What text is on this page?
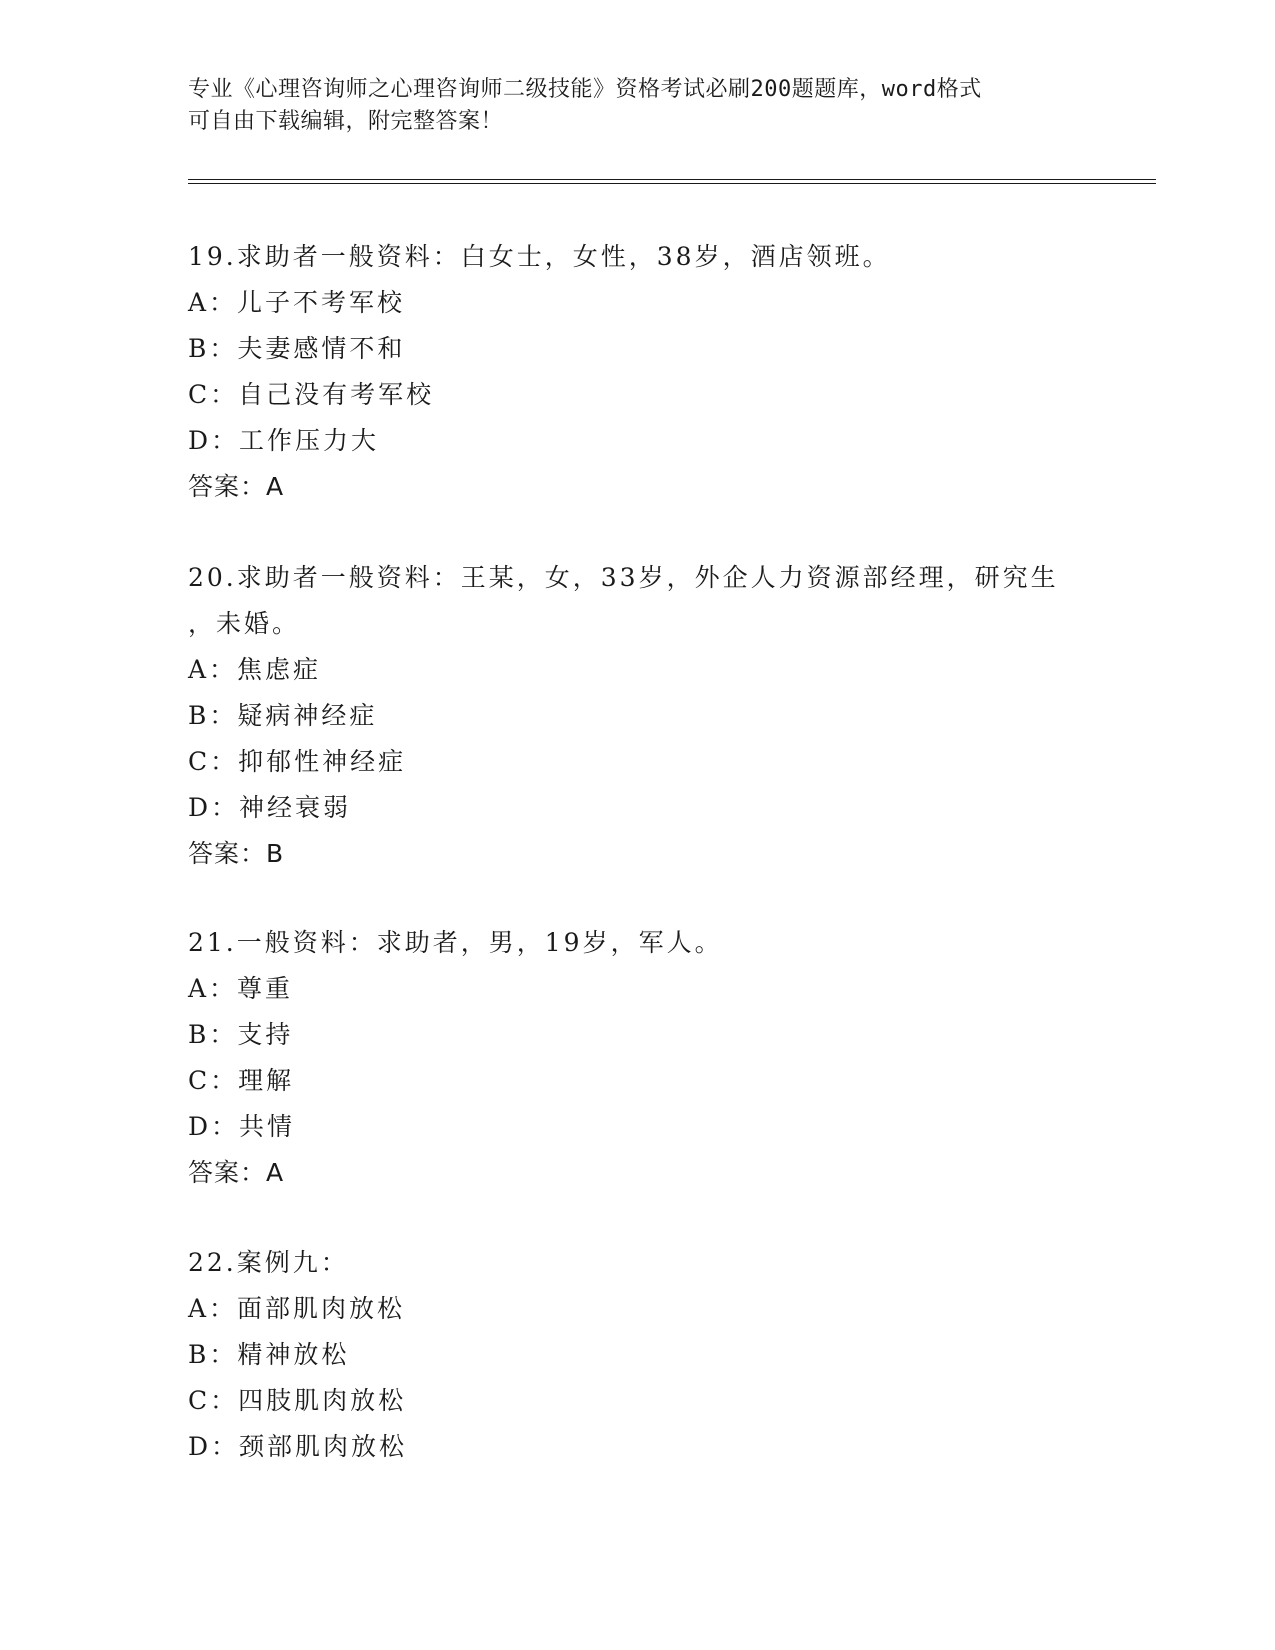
专业《心理咨询师之心理咨询师二级技能》资格考试必刷200题题库，word格式
可自由下载编辑，附完整答案！
19.求助者一般资料：白女士，女性，38岁，酒店领班。
A：儿子不考军校
B：夫妻感情不和
C：自己没有考军校
D：工作压力大
答案：A
20.求助者一般资料：王某，女，33岁，外企人力资源部经理，研究生
，未婚。
A：焦虑症
B：疑病神经症
C：抑郁性神经症
D：神经衰弱
答案：B
21.一般资料：求助者，男，19岁，军人。
A：尊重
B：支持
C：理解
D：共情
答案：A
22.案例九：
A：面部肌肉放松
B：精神放松
C：四肢肌肉放松
D：颈部肌肉放松
